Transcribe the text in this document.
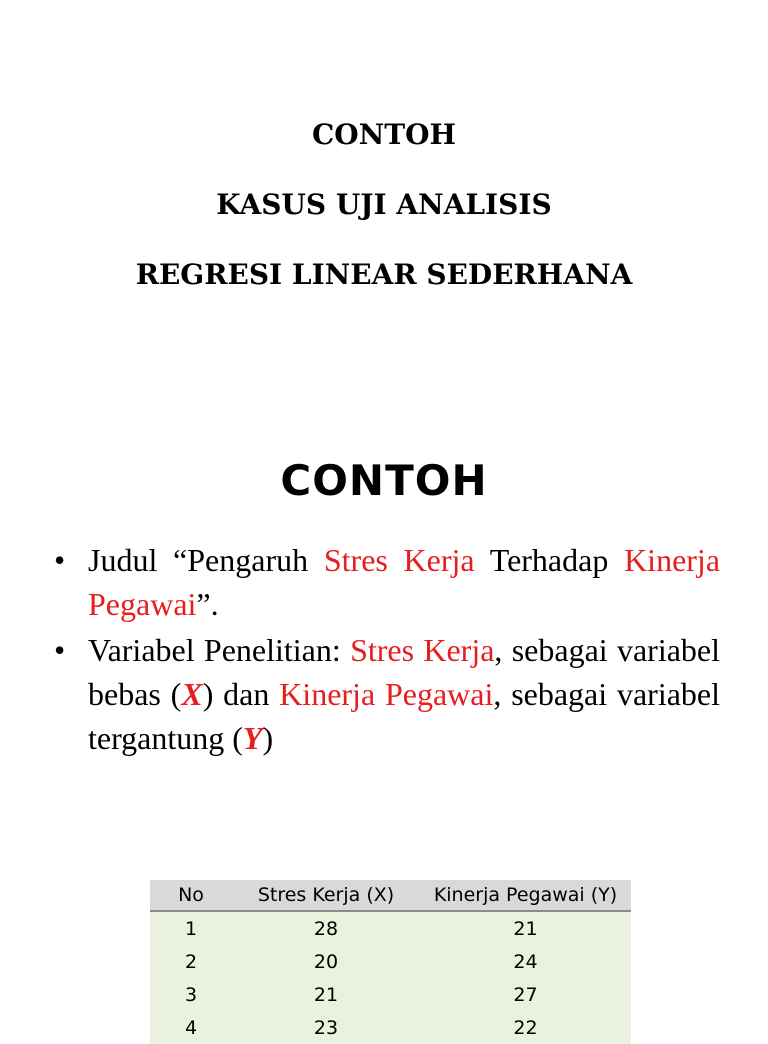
CONTOH
KASUS UJI ANALISIS
REGRESI LINEAR SEDERHANA
CONTOH
• Judul “Pengaruh Stres Kerja Terhadap Kinerja Pegawai”.
• Variabel Penelitian: Stres Kerja, sebagai variabel bebas (X) dan Kinerja Pegawai, sebagai variabel tergantung (Y)
No	Stres Kerja (X)	Kinerja Pegawai (Y)
1	28	21
2	20	24
3	21	27
4	23	22
